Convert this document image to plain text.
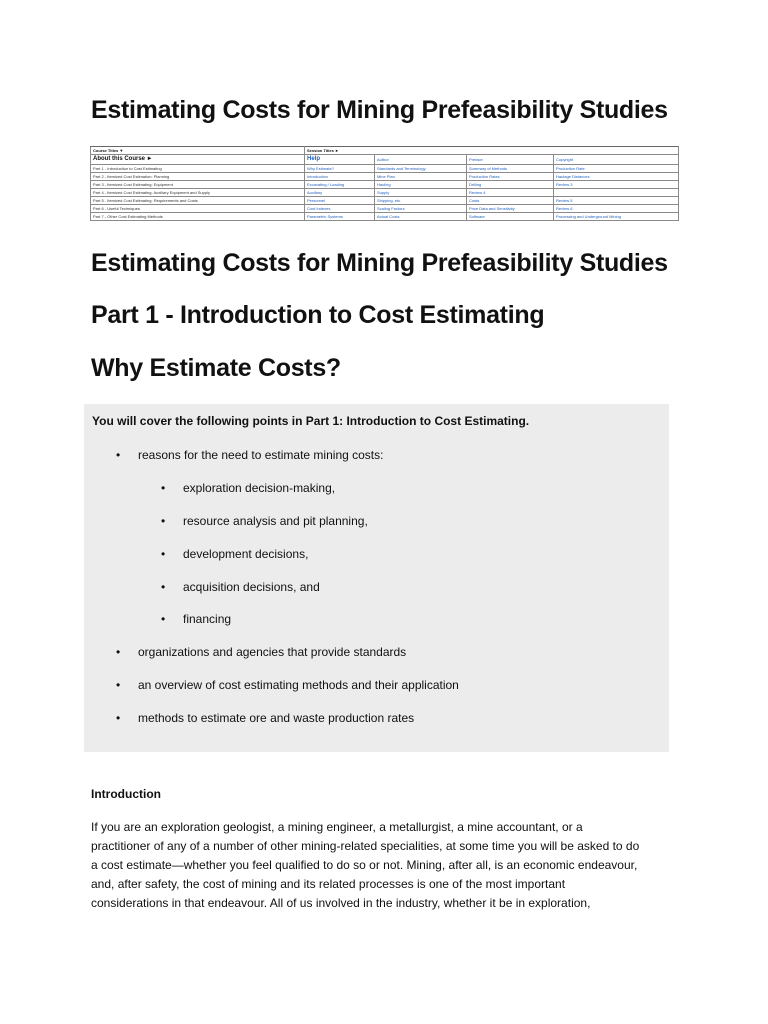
Estimating Costs for Mining Prefeasibility Studies
Course Titles ▼	Session Titles ►			
About this Course ►	Help	Author	Preface	Copyright
Part 1 - Introduction to Cost Estimating	Why Estimate?	Standards and Terminology	Summary of Methods	Production Rate
Part 2 - Itemized Cost Estimation: Planning	Introduction	Mine Plan	Production Rates	Haulage Distances
Part 3 - Itemized Cost Estimating: Equipment	Excavating / Loading	Hauling	Drilling	Review 3
Part 4 - Itemized Cost Estimating: Auxiliary Equipment and Supply	Auxiliary	Supply	Review 4	
Part 5 - Itemized Cost Estimating: Requirements and Costs	Personnel	Shipping, etc.	Costs	Review 5
Part 6 - Useful Techniques	Cost Indexes	Scaling Factors	Price Data and Sensitivity	Review 6
Part 7 - Other Cost Estimating Methods	Parametric Systems	Actual Costs	Software	Processing and Underground Mining
Estimating Costs for Mining Prefeasibility Studies
Part 1 - Introduction to Cost Estimating
Why Estimate Costs?

You will cover the following points in Part 1: Introduction to Cost Estimating.

• reasons for the need to estimate mining costs:
• exploration decision-making,
• resource analysis and pit planning,
• development decisions,
• acquisition decisions, and
• financing
• organizations and agencies that provide standards
• an overview of cost estimating methods and their application
• methods to estimate ore and waste production rates
Introduction

If you are an exploration geologist, a mining engineer, a metallurgist, a mine accountant, or a
practitioner of any of a number of other mining-related specialities, at some time you will be asked to do
a cost estimate—whether you feel qualified to do so or not. Mining, after all, is an economic endeavour,
and, after safety, the cost of mining and its related processes is one of the most important
considerations in that endeavour. All of us involved in the industry, whether it be in exploration,
